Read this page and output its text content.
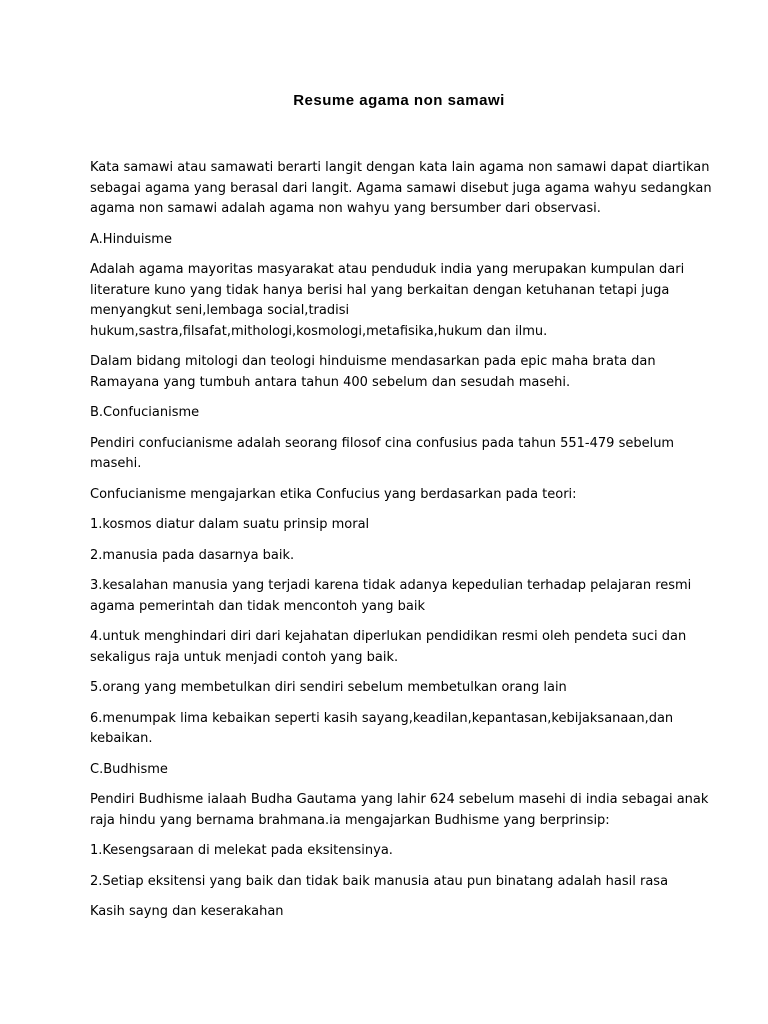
Resume agama non samawi

Kata samawi atau samawati berarti langit dengan kata lain agama non samawi dapat diartikan
sebagai agama yang berasal dari langit. Agama samawi disebut juga agama wahyu sedangkan
agama non samawi adalah agama non wahyu yang bersumber dari observasi.

A.Hinduisme

Adalah agama mayoritas masyarakat atau penduduk india yang merupakan kumpulan dari
literature kuno yang tidak hanya berisi hal yang berkaitan dengan ketuhanan tetapi juga
menyangkut seni,lembaga social,tradisi
hukum,sastra,filsafat,mithologi,kosmologi,metafisika,hukum dan ilmu.

Dalam bidang mitologi dan teologi hinduisme mendasarkan pada epic maha brata dan
Ramayana yang tumbuh antara tahun 400 sebelum dan sesudah masehi.

B.Confucianisme

Pendiri confucianisme adalah seorang filosof cina confusius pada tahun 551-479 sebelum
masehi.

Confucianisme mengajarkan etika Confucius yang berdasarkan pada teori:

1.kosmos diatur dalam suatu prinsip moral

2.manusia pada dasarnya baik.

3.kesalahan manusia yang terjadi karena tidak adanya kepedulian terhadap pelajaran resmi
agama pemerintah dan tidak mencontoh yang baik

4.untuk menghindari diri dari kejahatan diperlukan pendidikan resmi oleh pendeta suci dan
sekaligus raja untuk menjadi contoh yang baik.

5.orang yang membetulkan diri sendiri sebelum membetulkan orang lain

6.menumpak lima kebaikan seperti kasih sayang,keadilan,kepantasan,kebijaksanaan,dan
kebaikan.

C.Budhisme

Pendiri Budhisme ialaah Budha Gautama yang lahir 624 sebelum masehi di india sebagai anak
raja hindu yang bernama brahmana.ia mengajarkan Budhisme yang berprinsip:

1.Kesengsaraan di melekat pada eksitensinya.

2.Setiap eksitensi yang baik dan tidak baik manusia atau pun binatang adalah hasil rasa

Kasih sayng dan keserakahan
